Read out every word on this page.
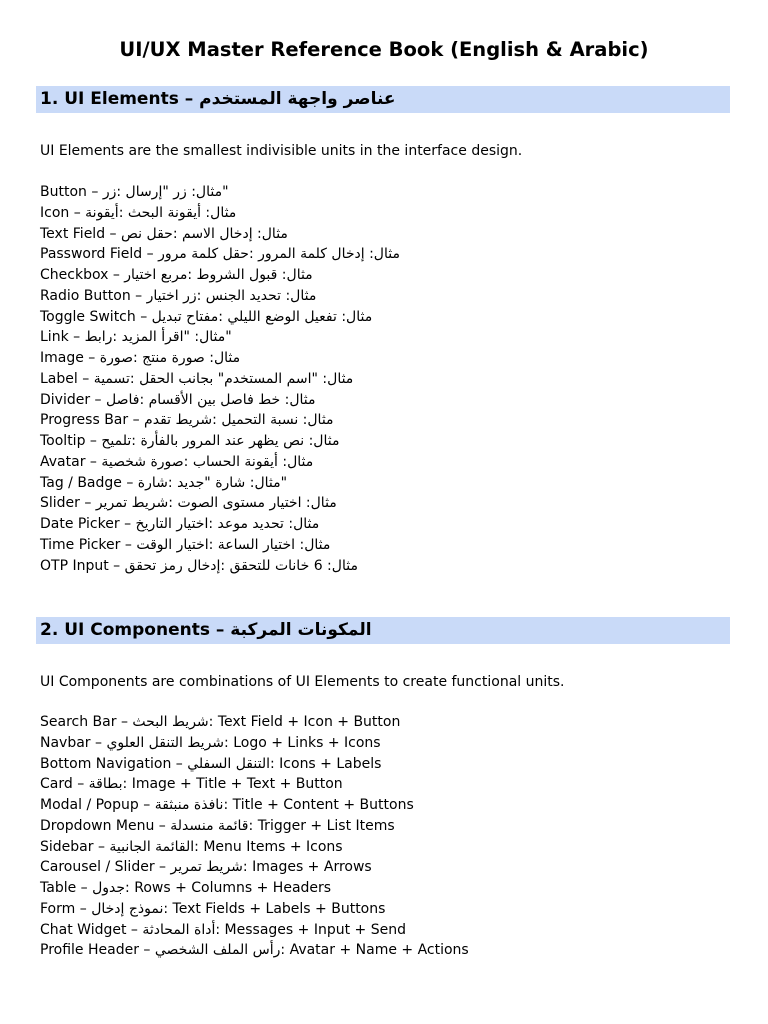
UI/UX Master Reference Book (English & Arabic)
1. UI Elements – عناصر واجهة المستخدم
UI Elements are the smallest indivisible units in the interface design.
Button – زر: مثال: زر "إرسال"
Icon – أيقونة: مثال: أيقونة البحث
Text Field – حقل نص: مثال: إدخال الاسم
Password Field – حقل كلمة مرور: مثال: إدخال كلمة المرور
Checkbox – مربع اختيار: مثال: قبول الشروط
Radio Button – زر اختيار: مثال: تحديد الجنس
Toggle Switch – مفتاح تبديل: مثال: تفعيل الوضع الليلي
Link – رابط: مثال: "اقرأ المزيد"
Image – صورة: مثال: صورة منتج
Label – تسمية: مثال: "اسم المستخدم" بجانب الحقل
Divider – فاصل: مثال: خط فاصل بين الأقسام
Progress Bar – شريط تقدم: مثال: نسبة التحميل
Tooltip – تلميح: مثال: نص يظهر عند المرور بالفأرة
Avatar – صورة شخصية: مثال: أيقونة الحساب
Tag / Badge – شارة: مثال: شارة "جديد"
Slider – شريط تمرير: مثال: اختيار مستوى الصوت
Date Picker – اختيار التاريخ: مثال: تحديد موعد
Time Picker – اختيار الوقت: مثال: اختيار الساعة
OTP Input – إدخال رمز تحقق: مثال: 6 خانات للتحقق
2. UI Components – المكونات المركبة
UI Components are combinations of UI Elements to create functional units.
Search Bar – شريط البحث: Text Field + Icon + Button
Navbar – شريط التنقل العلوي: Logo + Links + Icons
Bottom Navigation – التنقل السفلي: Icons + Labels
Card – بطاقة: Image + Title + Text + Button
Modal / Popup – نافذة منبثقة: Title + Content + Buttons
Dropdown Menu – قائمة منسدلة: Trigger + List Items
Sidebar – القائمة الجانبية: Menu Items + Icons
Carousel / Slider – شريط تمرير: Images + Arrows
Table – جدول: Rows + Columns + Headers
Form – نموذج إدخال: Text Fields + Labels + Buttons
Chat Widget – أداة المحادثة: Messages + Input + Send
Profile Header – رأس الملف الشخصي: Avatar + Name + Actions
